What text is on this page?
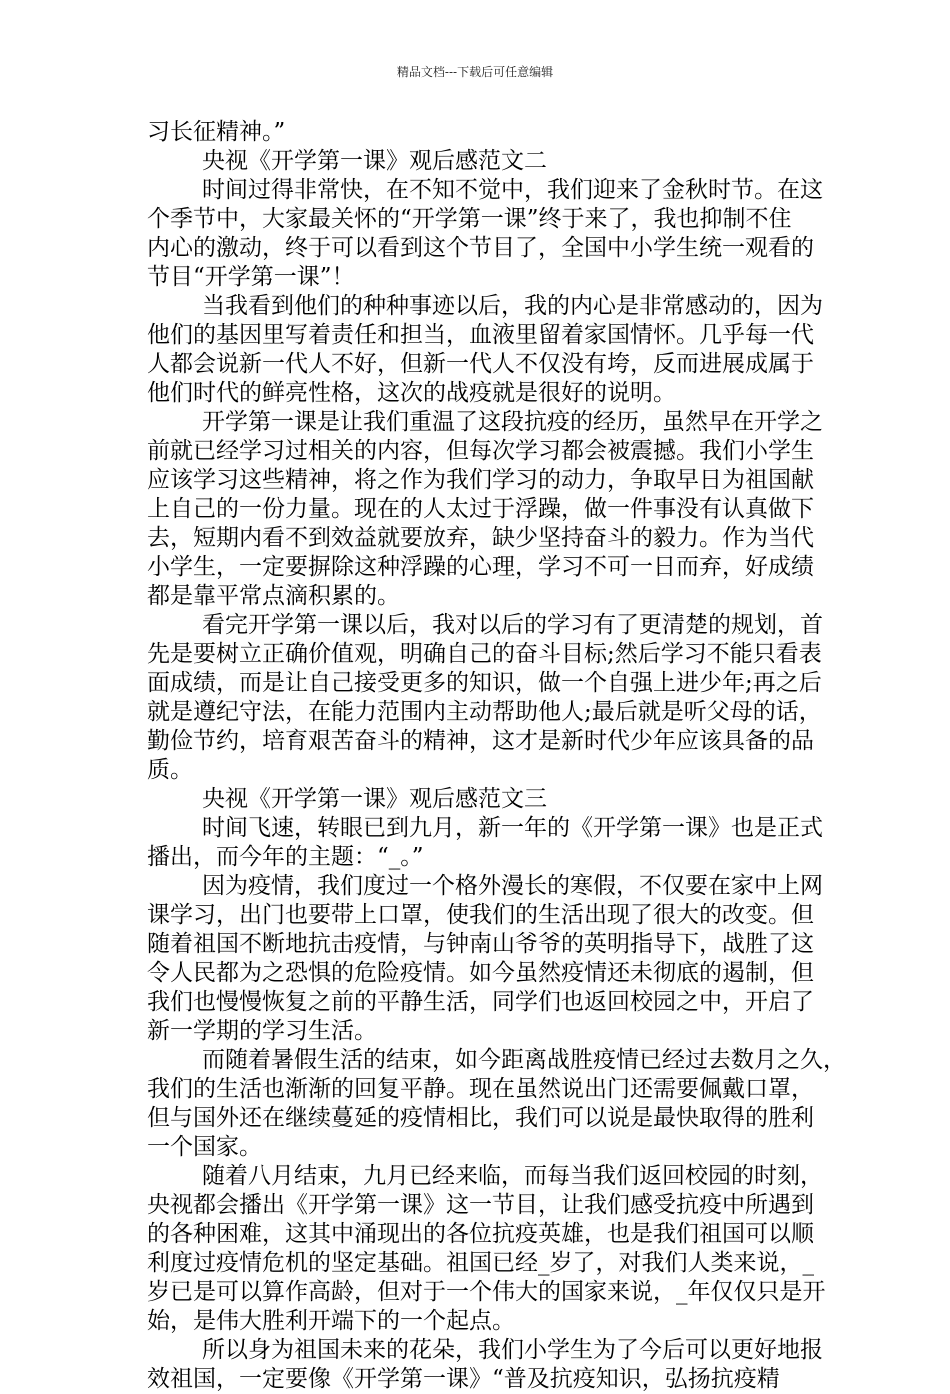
精品文档---下载后可任意编辑
习长征精神。”
央视《开学第一课》观后感范文二
时间过得非常快，在不知不觉中，我们迎来了金秋时节。在这
个季节中，大家最关怀的“开学第一课”终于来了，我也抑制不住
内心的激动，终于可以看到这个节目了，全国中小学生统一观看的
节目“开学第一课”！
当我看到他们的种种事迹以后，我的内心是非常感动的，因为
他们的基因里写着责任和担当，血液里留着家国情怀。几乎每一代
人都会说新一代人不好，但新一代人不仅没有垮，反而进展成属于
他们时代的鲜亮性格，这次的战疫就是很好的说明。
开学第一课是让我们重温了这段抗疫的经历，虽然早在开学之
前就已经学习过相关的内容，但每次学习都会被震撼。我们小学生
应该学习这些精神，将之作为我们学习的动力，争取早日为祖国献
上自己的一份力量。现在的人太过于浮躁，做一件事没有认真做下
去，短期内看不到效益就要放弃，缺少坚持奋斗的毅力。作为当代
小学生，一定要摒除这种浮躁的心理，学习不可一日而弃，好成绩
都是靠平常点滴积累的。
看完开学第一课以后，我对以后的学习有了更清楚的规划，首
先是要树立正确价值观，明确自己的奋斗目标;然后学习不能只看表
面成绩，而是让自己接受更多的知识，做一个自强上进少年;再之后
就是遵纪守法，在能力范围内主动帮助他人;最后就是听父母的话，
勤俭节约，培育艰苦奋斗的精神，这才是新时代少年应该具备的品
质。
央视《开学第一课》观后感范文三
时间飞速，转眼已到九月，新一年的《开学第一课》也是正式
播出，而今年的主题：“_。”
因为疫情，我们度过一个格外漫长的寒假，不仅要在家中上网
课学习，出门也要带上口罩，使我们的生活出现了很大的改变。但
随着祖国不断地抗击疫情，与钟南山爷爷的英明指导下，战胜了这
令人民都为之恐惧的危险疫情。如今虽然疫情还未彻底的遏制，但
我们也慢慢恢复之前的平静生活，同学们也返回校园之中，开启了
新一学期的学习生活。
而随着暑假生活的结束，如今距离战胜疫情已经过去数月之久，
我们的生活也渐渐的回复平静。现在虽然说出门还需要佩戴口罩，
但与国外还在继续蔓延的疫情相比，我们可以说是最快取得的胜利
一个国家。
随着八月结束，九月已经来临，而每当我们返回校园的时刻，
央视都会播出《开学第一课》这一节目，让我们感受抗疫中所遇到
的各种困难，这其中涌现出的各位抗疫英雄，也是我们祖国可以顺
利度过疫情危机的坚定基础。祖国已经_岁了，对我们人类来说，_
岁已是可以算作高龄，但对于一个伟大的国家来说，_年仅仅只是开
始，是伟大胜利开端下的一个起点。
所以身为祖国未来的花朵，我们小学生为了今后可以更好地报
效祖国，一定要像《开学第一课》“普及抗疫知识，弘扬抗疫精
